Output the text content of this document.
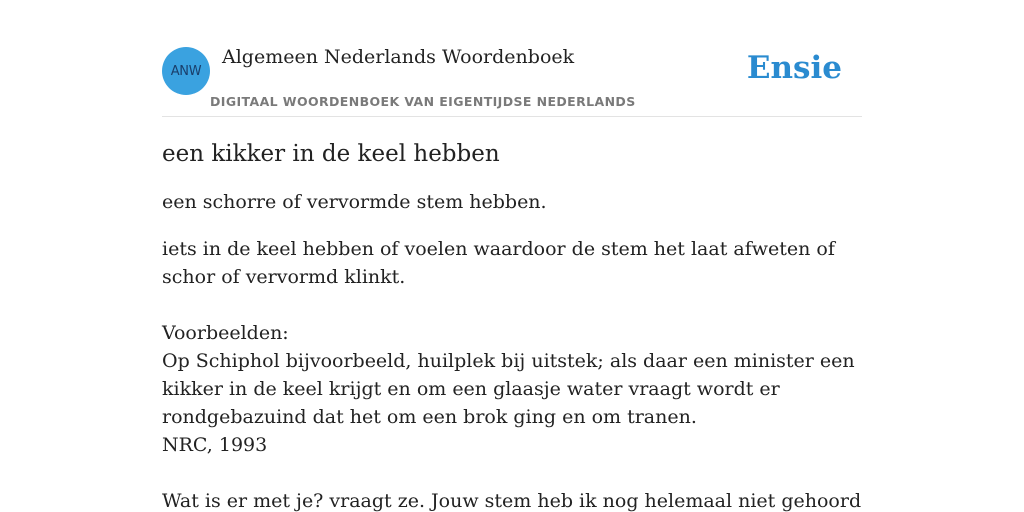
ANW
Algemeen Nederlands Woordenboek
DIGITAAL WOORDENBOEK VAN EIGENTIJDSE NEDERLANDS
Ensie
een kikker in de keel hebben

een schorre of vervormde stem hebben.

iets in de keel hebben of voelen waardoor de stem het laat afweten of schor of vervormd klinkt.

Voorbeelden:

Op Schiphol bijvoorbeeld, huilplek bij uitstek; als daar een minister een kikker in de keel krijgt en om een glaasje water vraagt wordt er rondgebazuind dat het om een brok ging en om tranen.

NRC, 1993

Wat is er met je? vraagt ze. Jouw stem heb ik nog helemaal niet gehoord
